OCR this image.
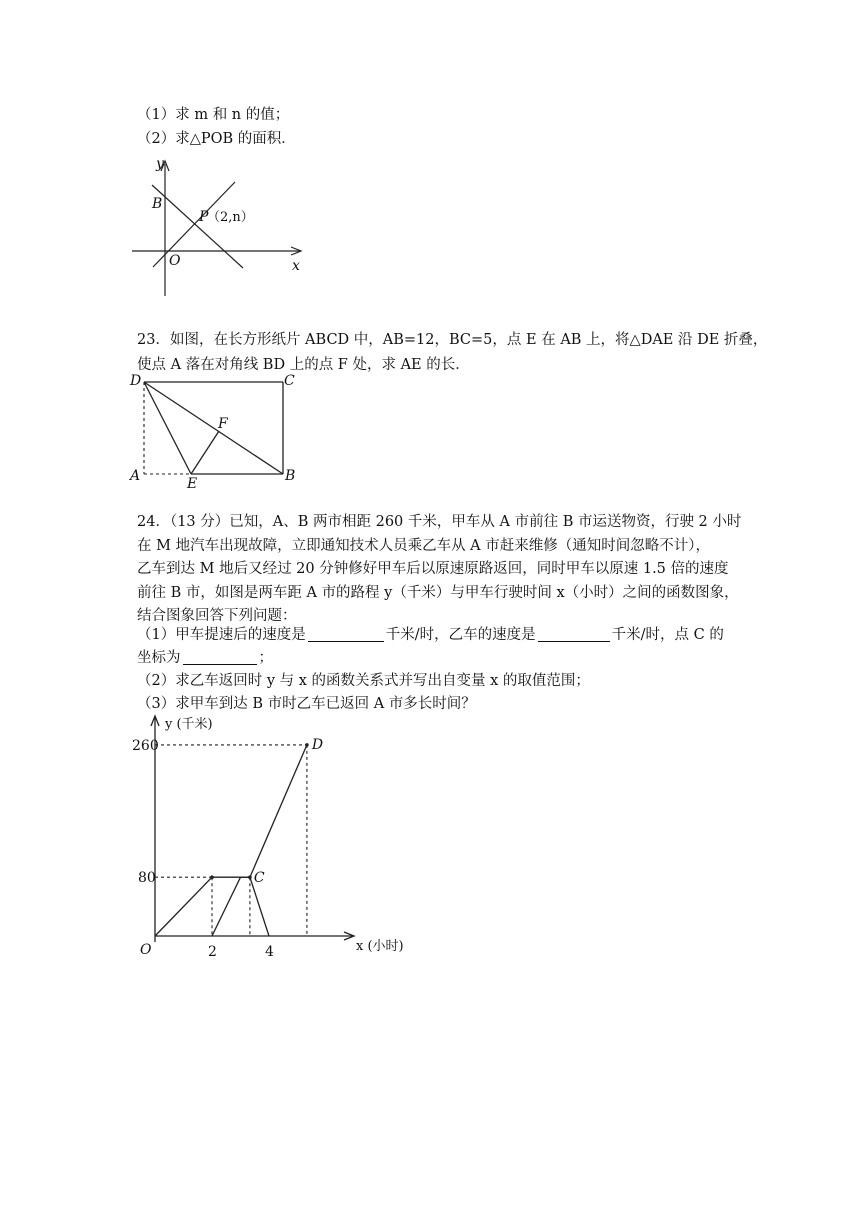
（1）求 m 和 n 的值；
（2）求△POB 的面积．
y
x
O
B
P
（2,n）
23．如图，在长方形纸片 ABCD 中，AB=12，BC=5，点 E 在 AB 上，将△DAE 沿 DE 折叠，
使点 A 落在对角线 BD 上的点 F 处，求 AE 的长．
D	C
A	B
E
F
24．（13 分）已知，A、B 两市相距 260 千米，甲车从 A 市前往 B 市运送物资，行驶 2 小时
在 M 地汽车出现故障，立即通知技术人员乘乙车从 A 市赶来维修（通知时间忽略不计），
乙车到达 M 地后又经过 20 分钟修好甲车后以原速原路返回，同时甲车以原速 1.5 倍的速度
前往 B 市，如图是两车距 A 市的路程 y（千米）与甲车行驶时间 x（小时）之间的函数图象，
结合图象回答下列问题：
（1）甲车提速后的速度是	千米/时，乙车的速度是	千米/时，点 C 的
坐标为	；
（2）求乙车返回时 y 与 x 的函数关系式并写出自变量 x 的取值范围；
（3）求甲车到达 B 市时乙车已返回 A 市多长时间？
260
80
2	4
O
C
D
y (千米)
x (小时)
